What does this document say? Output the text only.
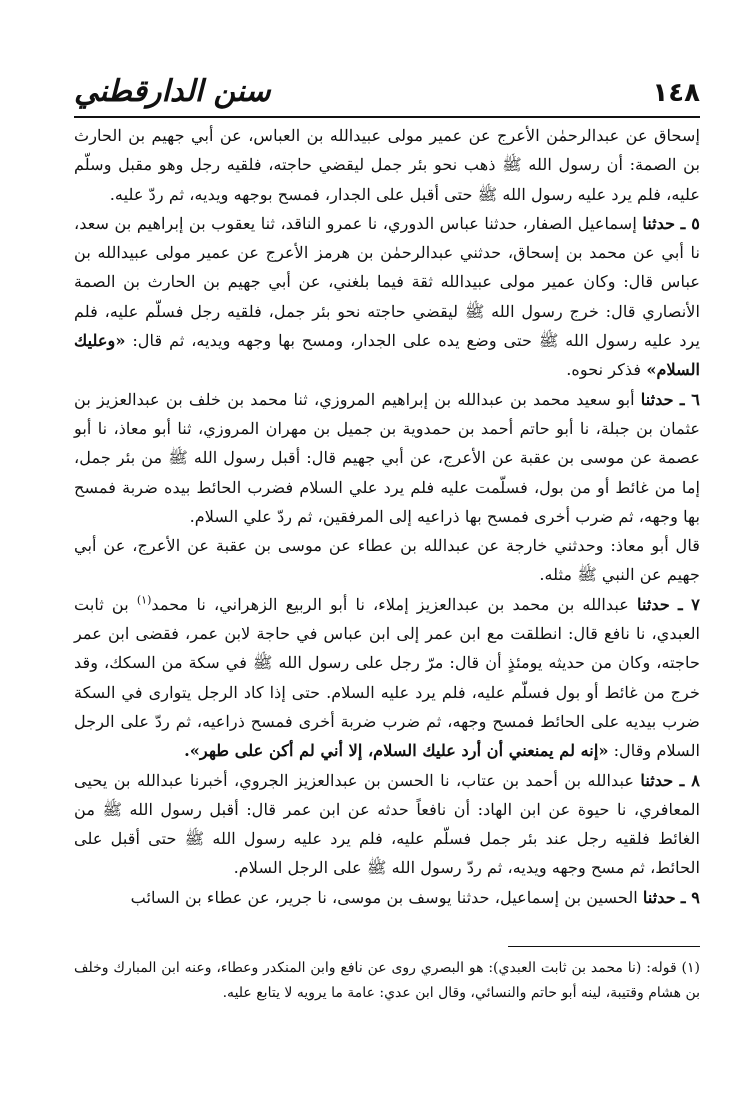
١٤٨
سنن الدارقطني

إسحاق عن عبدالرحمٰن الأعرج عن عمير مولى عبيدالله بن العباس، عن أبي جهيم بن الحارث بن الصمة: أن رسول الله ﷺ ذهب نحو بئر جمل ليقضي حاجته، فلقيه رجل وهو مقبل وسلّم عليه، فلم يرد عليه رسول الله ﷺ حتى أقبل على الجدار، فمسح بوجهه ويديه، ثم ردّ عليه.

٥ ـ حدثنا إسماعيل الصفار، حدثنا عباس الدوري، نا عمرو الناقد، ثنا يعقوب بن إبراهيم بن سعد، نا أبي عن محمد بن إسحاق، حدثني عبدالرحمٰن بن هرمز الأعرج عن عمير مولى عبيدالله بن عباس قال: وكان عمير مولى عبيدالله ثقة فيما بلغني، عن أبي جهيم بن الحارث بن الصمة الأنصاري قال: خرج رسول الله ﷺ ليقضي حاجته نحو بئر جمل، فلقيه رجل فسلّم عليه، فلم يرد عليه رسول الله ﷺ حتى وضع يده على الجدار، ومسح بها وجهه ويديه، ثم قال: «وعليك السلام» فذكر نحوه.

٦ ـ حدثنا أبو سعيد محمد بن عبدالله بن إبراهيم المروزي، ثنا محمد بن خلف بن عبدالعزيز بن عثمان بن جبلة، نا أبو حاتم أحمد بن حمدوية بن جميل بن مهران المروزي، ثنا أبو معاذ، نا أبو عصمة عن موسى بن عقبة عن الأعرج، عن أبي جهيم قال: أقبل رسول الله ﷺ من بئر جمل، إما من غائط أو من بول، فسلّمت عليه فلم يرد علي السلام فضرب الحائط بيده ضربة فمسح بها وجهه، ثم ضرب أخرى فمسح بها ذراعيه إلى المرفقين، ثم ردّ علي السلام.

قال أبو معاذ: وحدثني خارجة عن عبدالله بن عطاء عن موسى بن عقبة عن الأعرج، عن أبي جهيم عن النبي ﷺ مثله.

٧ ـ حدثنا عبدالله بن محمد بن عبدالعزيز إملاء، نا أبو الربيع الزهراني، نا محمد$^{(١)}$ بن ثابت العبدي، نا نافع قال: انطلقت مع ابن عمر إلى ابن عباس في حاجة لابن عمر، فقضى ابن عمر حاجته، وكان من حديثه يومئذٍ أن قال: مرّ رجل على رسول الله ﷺ في سكة من السكك، وقد خرج من غائط أو بول فسلّم عليه، فلم يرد عليه السلام. حتى إذا كاد الرجل يتوارى في السكة ضرب بيديه على الحائط فمسح وجهه، ثم ضرب ضربة أخرى فمسح ذراعيه، ثم ردّ على الرجل السلام وقال: «إنه لم يمنعني أن أرد عليك السلام، إلا أني لم أكن على طهر».

٨ ـ حدثنا عبدالله بن أحمد بن عتاب، نا الحسن بن عبدالعزيز الجروي، أخبرنا عبدالله بن يحيى المعافري، نا حيوة عن ابن الهاد: أن نافعاً حدثه عن ابن عمر قال: أقبل رسول الله ﷺ من الغائط فلقيه رجل عند بئر جمل فسلّم عليه، فلم يرد عليه رسول الله ﷺ حتى أقبل على الحائط، ثم مسح وجهه ويديه، ثم ردّ رسول الله ﷺ على الرجل السلام.

٩ ـ حدثنا الحسين بن إسماعيل، حدثنا يوسف بن موسى، نا جرير، عن عطاء بن السائب

(١) قوله: (نا محمد بن ثابت العبدي): هو البصري روى عن نافع وابن المنكدر وعطاء، وعنه ابن المبارك وخلف بن هشام وقتيبة، لينه أبو حاتم والنسائي، وقال ابن عدي: عامة ما يرويه لا يتابع عليه.
